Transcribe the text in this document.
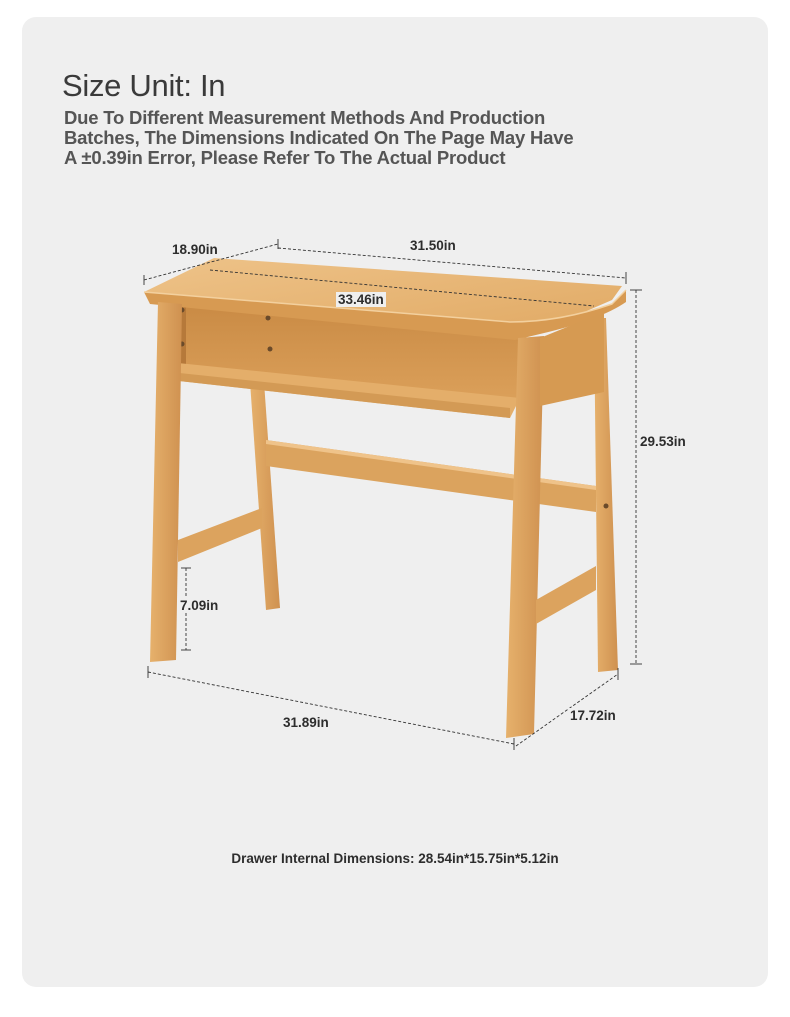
Size Unit: In
Due To Different Measurement Methods And Production
Batches, The Dimensions Indicated On The Page May Have
A ±0.39in Error, Please Refer To The Actual Product
18.90in	31.50in
33.46in
29.53in
7.09in
31.89in	17.72in
Drawer Internal Dimensions: 28.54in*15.75in*5.12in
